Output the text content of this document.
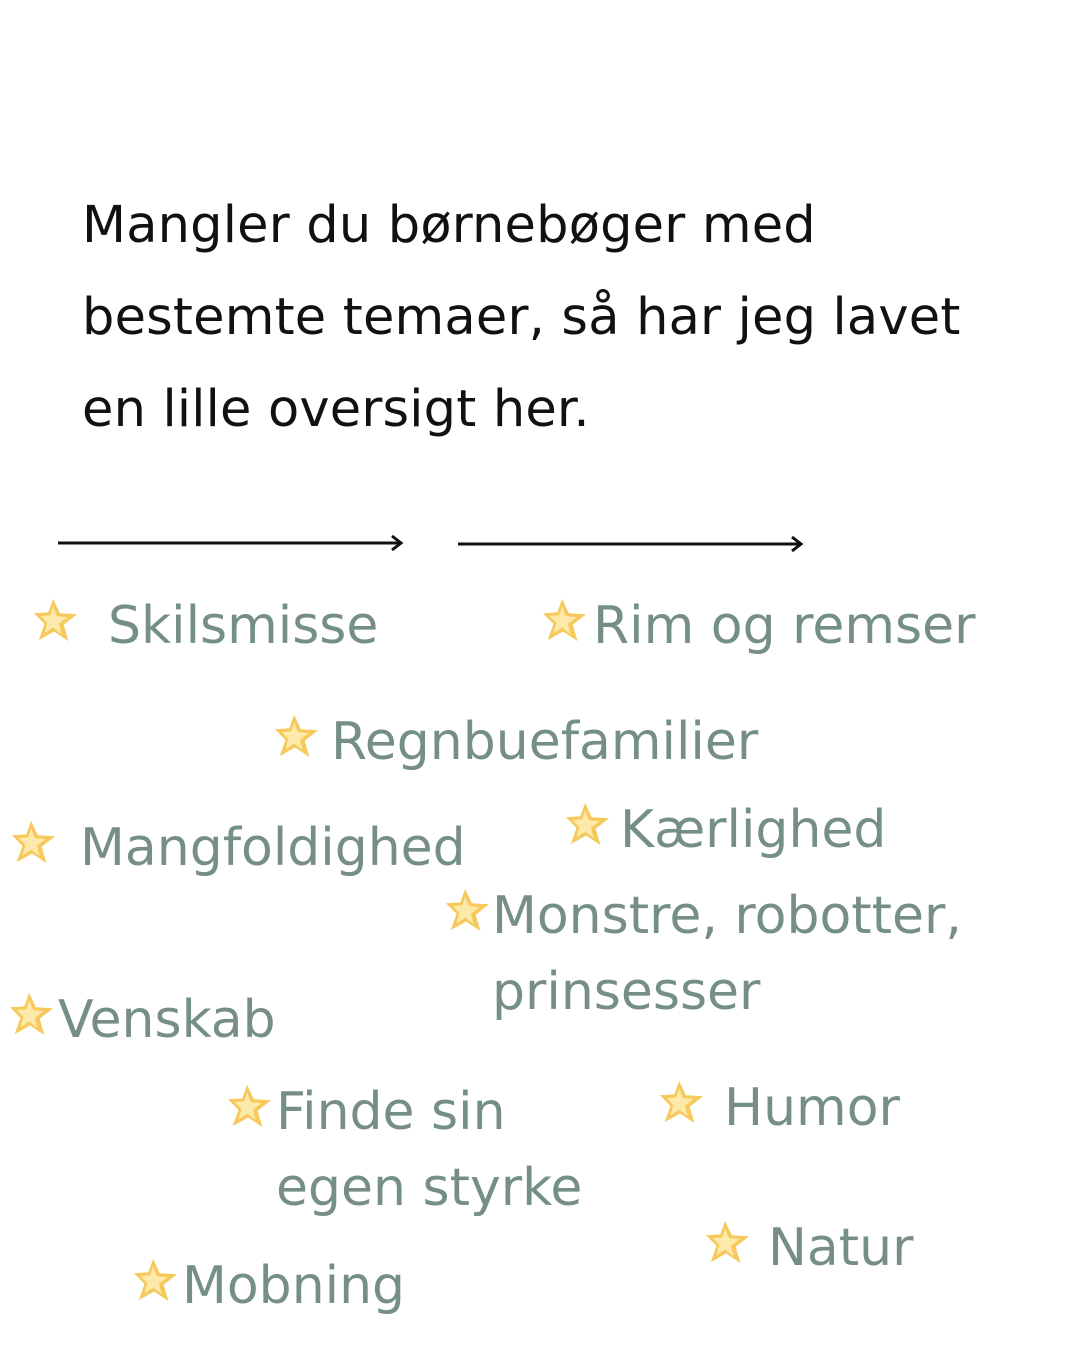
Mangler du børnebøger med bestemte temaer, så har jeg lavet en lille oversigt her.

Skilsmisse	Rim og remser
Regnbuefamilier
Mangfoldighed	Kærlighed
Monstre, robotter,
prinsesser
Venskab
Finde sin
egen styrke
Humor
Natur
Mobning
